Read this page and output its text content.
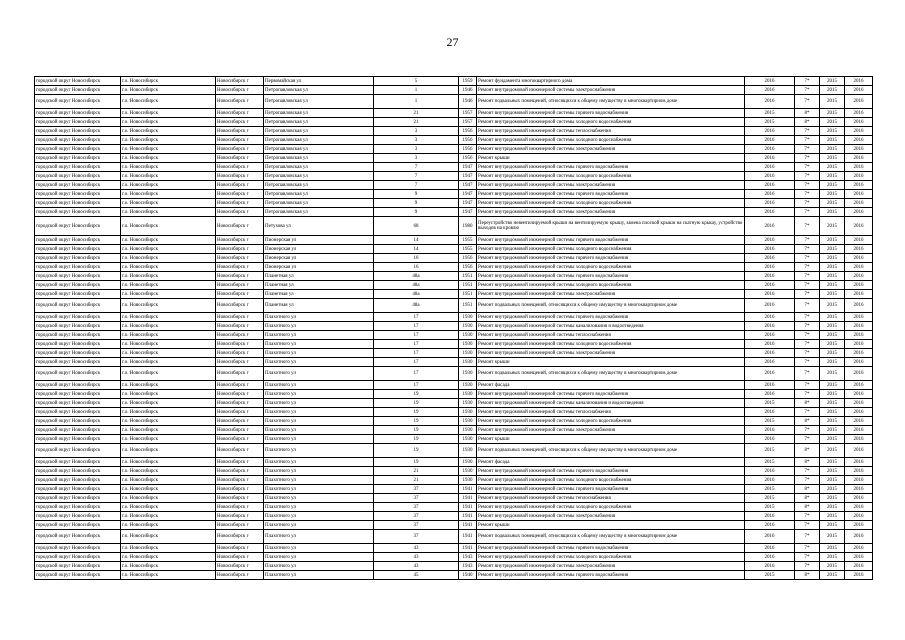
27
городской округ Новосибирск	г.о. Новосибирск	Новосибирск г	Первомайская ул	5	1959	Ремонт фундамента многоквартирного дома	2016	7*	2015	2016
городской округ Новосибирск	г.о. Новосибирск	Новосибирск г	Петропавловская ул	1	1946	Ремонт внутридомовой инженерной системы электроснабжения	2016	7*	2015	2016
городской округ Новосибирск	г.о. Новосибирск	Новосибирск г	Петропавловская ул	1	1946	Ремонт подвальных помещений, относящихся к общему имуществу в многоквартирном доме	2016	7*	2015	2016
городской округ Новосибирск	г.о. Новосибирск	Новосибирск г	Петропавловская ул	21	1957	Ремонт внутридомовой инженерной системы горячего водоснабжения	2015	8*	2015	2016
городской округ Новосибирск	г.о. Новосибирск	Новосибирск г	Петропавловская ул	21	1957	Ремонт внутридомовой инженерной системы холодного водоснабжения	2015	8*	2015	2016
городской округ Новосибирск	г.о. Новосибирск	Новосибирск г	Петропавловская ул	3	1956	Ремонт внутридомовой инженерной системы теплоснабжения	2016	7*	2015	2016
городской округ Новосибирск	г.о. Новосибирск	Новосибирск г	Петропавловская ул	3	1956	Ремонт внутридомовой инженерной системы холодного водоснабжения	2016	7*	2015	2016
городской округ Новосибирск	г.о. Новосибирск	Новосибирск г	Петропавловская ул	3	1956	Ремонт внутридомовой инженерной системы электроснабжения	2016	7*	2015	2016
городской округ Новосибирск	г.о. Новосибирск	Новосибирск г	Петропавловская ул	3	1956	Ремонт крыши	2016	7*	2015	2016
городской округ Новосибирск	г.о. Новосибирск	Новосибирск г	Петропавловская ул	7	1947	Ремонт внутридомовой инженерной системы горячего водоснабжения	2016	7*	2015	2016
городской округ Новосибирск	г.о. Новосибирск	Новосибирск г	Петропавловская ул	7	1947	Ремонт внутридомовой инженерной системы холодного водоснабжения	2016	7*	2015	2016
городской округ Новосибирск	г.о. Новосибирск	Новосибирск г	Петропавловская ул	7	1947	Ремонт внутридомовой инженерной системы электроснабжения	2016	7*	2015	2016
городской округ Новосибирск	г.о. Новосибирск	Новосибирск г	Петропавловская ул	9	1947	Ремонт внутридомовой инженерной системы горячего водоснабжения	2016	7*	2015	2016
городской округ Новосибирск	г.о. Новосибирск	Новосибирск г	Петропавловская ул	9	1947	Ремонт внутридомовой инженерной системы холодного водоснабжения	2016	7*	2015	2016
городской округ Новосибирск	г.о. Новосибирск	Новосибирск г	Петропавловская ул	9	1947	Ремонт внутридомовой инженерной системы электроснабжения	2016	7*	2015	2016
городской округ Новосибирск	г.о. Новосибирск	Новосибирск г	Петухова ул	68	1980	Переустройство невентилируемой крыши на вентилируемую крышу, замена плоской крыши на скатную крышу, устройство выходов на кровлю	2016	7*	2015	2016
городской округ Новосибирск	г.о. Новосибирск	Новосибирск г	Пионерская ул	14	1955	Ремонт внутридомовой инженерной системы горячего водоснабжения	2016	7*	2015	2016
городской округ Новосибирск	г.о. Новосибирск	Новосибирск г	Пионерская ул	14	1955	Ремонт внутридомовой инженерной системы холодного водоснабжения	2016	7*	2015	2016
городской округ Новосибирск	г.о. Новосибирск	Новосибирск г	Пионерская ул	16	1956	Ремонт внутридомовой инженерной системы горячего водоснабжения	2016	7*	2015	2016
городской округ Новосибирск	г.о. Новосибирск	Новосибирск г	Пионерская ул	16	1956	Ремонт внутридомовой инженерной системы холодного водоснабжения	2016	7*	2015	2016
городской округ Новосибирск	г.о. Новосибирск	Новосибирск г	Планетная ул	48а	1951	Ремонт внутридомовой инженерной системы горячего водоснабжения	2016	7*	2015	2016
городской округ Новосибирск	г.о. Новосибирск	Новосибирск г	Планетная ул	48а	1951	Ремонт внутридомовой инженерной системы холодного водоснабжения	2016	7*	2015	2016
городской округ Новосибирск	г.о. Новосибирск	Новосибирск г	Планетная ул	48а	1951	Ремонт внутридомовой инженерной системы электроснабжения	2016	7*	2015	2016
городской округ Новосибирск	г.о. Новосибирск	Новосибирск г	Планетная ул	48а	1951	Ремонт подвальных помещений, относящихся к общему имуществу в многоквартирном доме	2016	7*	2015	2016
городской округ Новосибирск	г.о. Новосибирск	Новосибирск г	Плахотного ул	17	1930	Ремонт внутридомовой инженерной системы горячего водоснабжения	2016	7*	2015	2016
городской округ Новосибирск	г.о. Новосибирск	Новосибирск г	Плахотного ул	17	1930	Ремонт внутридомовой инженерной системы канализования и водоотведения	2016	7*	2015	2016
городской округ Новосибирск	г.о. Новосибирск	Новосибирск г	Плахотного ул	17	1930	Ремонт внутридомовой инженерной системы теплоснабжения	2016	7*	2015	2016
городской округ Новосибирск	г.о. Новосибирск	Новосибирск г	Плахотного ул	17	1930	Ремонт внутридомовой инженерной системы холодного водоснабжения	2016	7*	2015	2016
городской округ Новосибирск	г.о. Новосибирск	Новосибирск г	Плахотного ул	17	1930	Ремонт внутридомовой инженерной системы электроснабжения	2016	7*	2015	2016
городской округ Новосибирск	г.о. Новосибирск	Новосибирск г	Плахотного ул	17	1930	Ремонт крыши	2016	7*	2015	2016
городской округ Новосибирск	г.о. Новосибирск	Новосибирск г	Плахотного ул	17	1930	Ремонт подвальных помещений, относящихся к общему имуществу в многоквартирном доме	2016	7*	2015	2016
городской округ Новосибирск	г.о. Новосибирск	Новосибирск г	Плахотного ул	17	1930	Ремонт фасада	2016	7*	2015	2016
городской округ Новосибирск	г.о. Новосибирск	Новосибирск г	Плахотного ул	19	1930	Ремонт внутридомовой инженерной системы горячего водоснабжения	2016	7*	2015	2016
городской округ Новосибирск	г.о. Новосибирск	Новосибирск г	Плахотного ул	19	1930	Ремонт внутридомовой инженерной системы канализования и водоотведения	2015	8*	2015	2016
городской округ Новосибирск	г.о. Новосибирск	Новосибирск г	Плахотного ул	19	1930	Ремонт внутридомовой инженерной системы теплоснабжения	2016	7*	2015	2016
городской округ Новосибирск	г.о. Новосибирск	Новосибирск г	Плахотного ул	19	1930	Ремонт внутридомовой инженерной системы холодного водоснабжения	2015	8*	2015	2016
городской округ Новосибирск	г.о. Новосибирск	Новосибирск г	Плахотного ул	19	1930	Ремонт внутридомовой инженерной системы электроснабжения	2016	7*	2015	2016
городской округ Новосибирск	г.о. Новосибирск	Новосибирск г	Плахотного ул	19	1930	Ремонт крыши	2016	7*	2015	2016
городской округ Новосибирск	г.о. Новосибирск	Новосибирск г	Плахотного ул	19	1930	Ремонт подвальных помещений, относящихся к общему имуществу в многоквартирном доме	2015	8*	2015	2016
городской округ Новосибирск	г.о. Новосибирск	Новосибирск г	Плахотного ул	19	1930	Ремонт фасада	2015	8*	2015	2016
городской округ Новосибирск	г.о. Новосибирск	Новосибирск г	Плахотного ул	21	1930	Ремонт внутридомовой инженерной системы горячего водоснабжения	2016	7*	2015	2016
городской округ Новосибирск	г.о. Новосибирск	Новосибирск г	Плахотного ул	21	1930	Ремонт внутридомовой инженерной системы холодного водоснабжения	2016	7*	2015	2016
городской округ Новосибирск	г.о. Новосибирск	Новосибирск г	Плахотного ул	37	1941	Ремонт внутридомовой инженерной системы горячего водоснабжения	2015	8*	2015	2016
городской округ Новосибирск	г.о. Новосибирск	Новосибирск г	Плахотного ул	37	1941	Ремонт внутридомовой инженерной системы теплоснабжения	2015	8*	2015	2016
городской округ Новосибирск	г.о. Новосибирск	Новосибирск г	Плахотного ул	37	1941	Ремонт внутридомовой инженерной системы холодного водоснабжения	2015	8*	2015	2016
городской округ Новосибирск	г.о. Новосибирск	Новосибирск г	Плахотного ул	37	1941	Ремонт внутридомовой инженерной системы электроснабжения	2016	7*	2015	2016
городской округ Новосибирск	г.о. Новосибирск	Новосибирск г	Плахотного ул	37	1941	Ремонт крыши	2016	7*	2015	2016
городской округ Новосибирск	г.о. Новосибирск	Новосибирск г	Плахотного ул	37	1941	Ремонт подвальных помещений, относящихся к общему имуществу в многоквартирном доме	2016	7*	2015	2016
городской округ Новосибирск	г.о. Новосибирск	Новосибирск г	Плахотного ул	43	1941	Ремонт внутридомовой инженерной системы горячего водоснабжения	2016	7*	2015	2016
городской округ Новосибирск	г.о. Новосибирск	Новосибирск г	Плахотного ул	43	1943	Ремонт внутридомовой инженерной системы холодного водоснабжения	2016	7*	2015	2016
городской округ Новосибирск	г.о. Новосибирск	Новосибирск г	Плахотного ул	43	1943	Ремонт внутридомовой инженерной системы электроснабжения	2016	7*	2015	2016
городской округ Новосибирск	г.о. Новосибирск	Новосибирск г	Плахотного ул	45	1940	Ремонт внутридомовой инженерной системы горячего водоснабжения	2015	8*	2015	2016
